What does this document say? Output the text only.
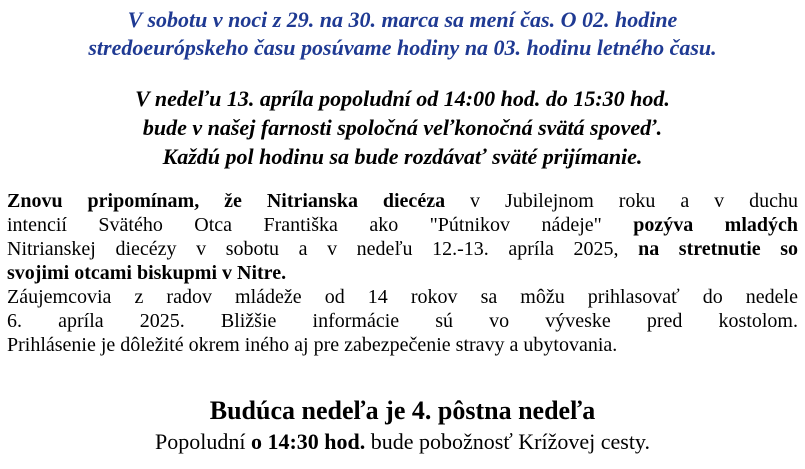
V sobotu v noci z 29. na 30. marca sa mení čas. O 02. hodine
stredoeurópskeho času posúvame hodiny na 03. hodinu letného času.
V nedeľu 13. apríla popoludní od 14:00 hod. do 15:30 hod.
bude v našej farnosti spoločná veľkonočná svätá spoveď.
Každú pol hodinu sa bude rozdávať sväté prijímanie.
Znovu pripomínam, že Nitrianska diecéza v Jubilejnom roku a v duchu
intencií Svätého Otca Františka ako "Pútnikov nádeje" pozýva mladých
Nitrianskej diecézy v sobotu a v nedeľu 12.-13. apríla 2025, na stretnutie so
svojimi otcami biskupmi v Nitre.
Záujemcovia z radov mládeže od 14 rokov sa môžu prihlasovať do nedele
6. apríla 2025. Bližšie informácie sú vo vývеske pred kostolom.
Prihlásenie je dôležité okrem iného aj pre zabezpečenie stravy a ubytovania.
Budúca nedeľa je 4. pôstna nedeľa
Popoludní o 14:30 hod. bude pobožnosť Krížovej cesty.
